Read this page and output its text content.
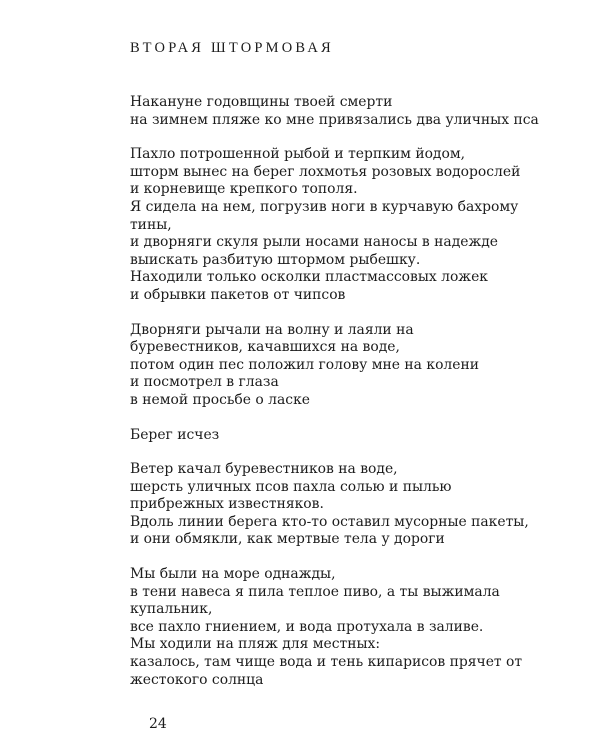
ВТОРАЯ ШТОРМОВАЯ
Накануне годовщины твоей смерти
на зимнем пляже ко мне привязались два уличных пса
Пахло потрошенной рыбой и терпким йодом,
шторм вынес на берег лохмотья розовых водорослей
и корневище крепкого тополя.
Я сидела на нем, погрузив ноги в курчавую бахрому
тины,
и дворняги скуля рыли носами наносы в надежде
выискать разбитую штормом рыбешку.
Находили только осколки пластмассовых ложек
и обрывки пакетов от чипсов
Дворняги рычали на волну и лаяли на
буревестников, качавшихся на воде,
потом один пес положил голову мне на колени
и посмотрел в глаза
в немой просьбе о ласке
Берег исчез
Ветер качал буревестников на воде,
шерсть уличных псов пахла солью и пылью
прибрежных известняков.
Вдоль линии берега кто-то оставил мусорные пакеты,
и они обмякли, как мертвые тела у дороги
Мы были на море однажды,
в тени навеса я пила теплое пиво, а ты выжимала
купальник,
все пахло гниением, и вода протухала в заливе.
Мы ходили на пляж для местных:
казалось, там чище вода и тень кипарисов прячет от
жестокого солнца
24
